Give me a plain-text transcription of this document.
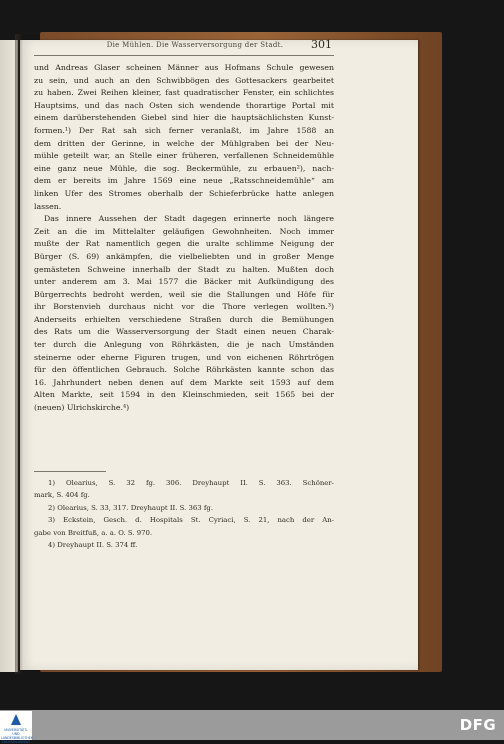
Die Mühlen. Die Wasserversorgung der Stadt.	301
und Andreas Glaser scheinen Männer aus Hofmans Schule gewesen
zu sein, und auch an den Schwibbögen des Gottesackers gearbeitet
zu haben. Zwei Reihen kleiner, fast quadratischer Fenster, ein schlichtes
Hauptsims, und das nach Osten sich wendende thorartige Portal mit
einem darüberstehenden Giebel sind hier die hauptsächlichsten Kunst-
formen.¹) Der Rat sah sich ferner veranlaßt, im Jahre 1588 an
dem dritten der Gerinne, in welche der Mühlgraben bei der Neu-
mühle geteilt war, an Stelle einer früheren, verfallenen Schneidemühle
eine ganz neue Mühle, die sog. Beckermühle, zu erbauen²), nach-
dem er bereits im Jahre 1569 eine neue „Ratsschneidemühle“ am
linken Ufer des Stromes oberhalb der Schieferbrücke hatte anlegen
lassen.
Das innere Aussehen der Stadt dagegen erinnerte noch längere
Zeit an die im Mittelalter geläufigen Gewohnheiten. Noch immer
mußte der Rat namentlich gegen die uralte schlimme Neigung der
Bürger (S. 69) ankämpfen, die vielbeliebten und in großer Menge
gemästeten Schweine innerhalb der Stadt zu halten. Mußten doch
unter anderem am 3. Mai 1577 die Bäcker mit Aufkündigung des
Bürgerrechts bedroht werden, weil sie die Stallungen und Höfe für
ihr Borstenvieh durchaus nicht vor die Thore verlegen wollten.³)
Anderseits erhielten verschiedene Straßen durch die Bemühungen
des Rats um die Wasserversorgung der Stadt einen neuen Charak-
ter durch die Anlegung von Röhrkästen, die je nach Umständen
steinerne oder eherne Figuren trugen, und von eichenen Röhrtrögen
für den öffentlichen Gebrauch. Solche Röhrkästen kannte schon das
16. Jahrhundert neben denen auf dem Markte seit 1593 auf dem
Alten Markte, seit 1594 in den Kleinschmieden, seit 1565 bei der
(neuen) Ulrichskirche.⁴)
1) Olearius, S. 32 fg. 306. Dreyhaupt II. S. 363. Schöner-
mark, S. 404 fg.
2) Olearius, S. 33, 317. Dreyhaupt II. S. 363 fg.
3) Eckstein, Gesch. d. Hospitals St. Cyriaci, S. 21, nach der An-
gabe von Breitfuß, a. a. O. S. 970.
4) Dreyhaupt II. S. 374 ff.
UNIVERSITÄTS- UND LANDESBIBLIOTHEK SACHSEN-ANHALT
DFG
